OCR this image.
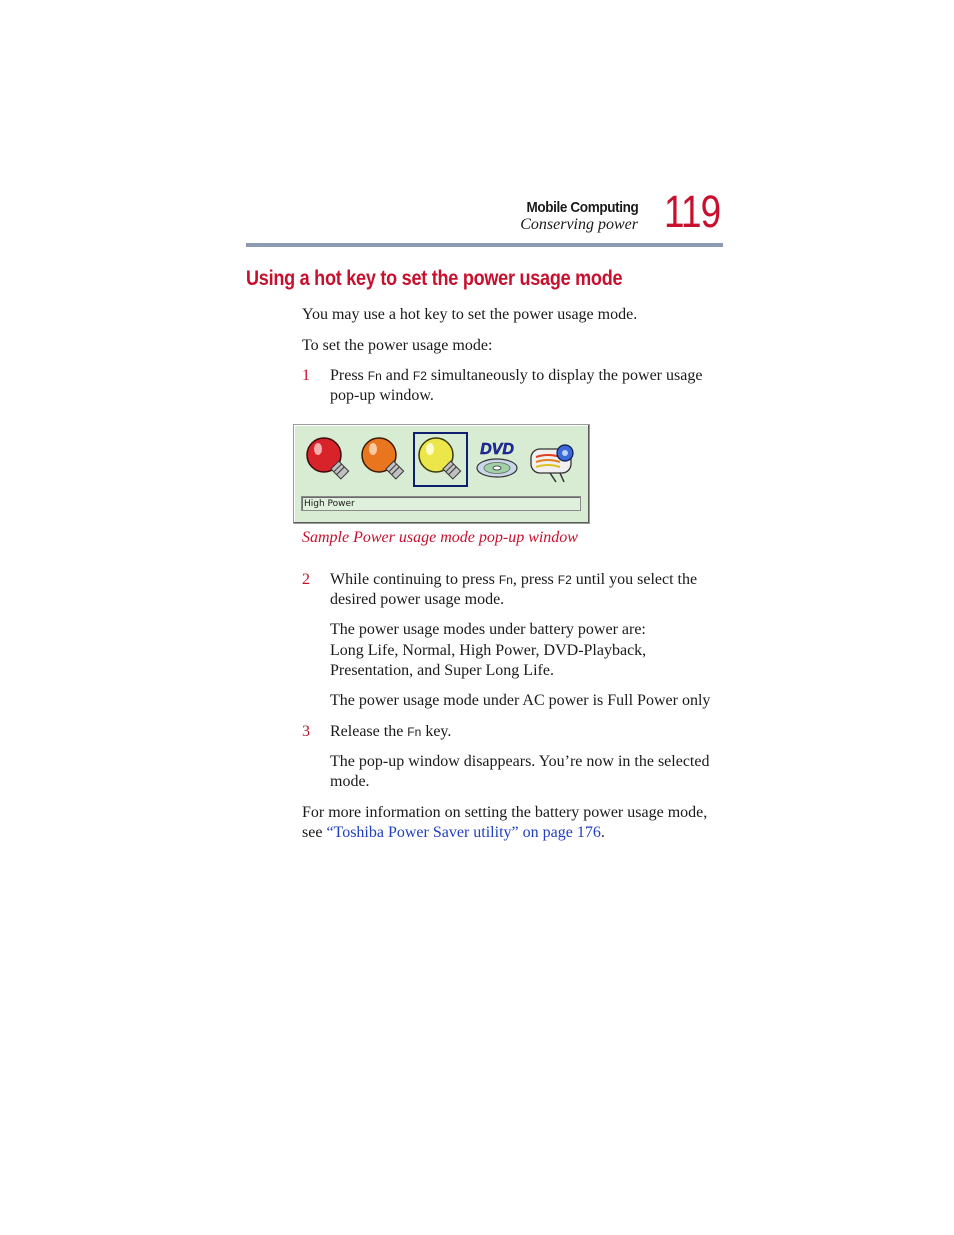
Mobile Computing
Conserving power 119
Using a hot key to set the power usage mode
You may use a hot key to set the power usage mode.
To set the power usage mode:
1 Press Fn and F2 simultaneously to display the power usage
pop-up window.
DVD
High Power
Sample Power usage mode pop-up window
2 While continuing to press Fn, press F2 until you select the
desired power usage mode.
The power usage modes under battery power are:
Long Life, Normal, High Power, DVD-Playback,
Presentation, and Super Long Life.
The power usage mode under AC power is Full Power only
3 Release the Fn key.
The pop-up window disappears. You’re now in the selected
mode.
For more information on setting the battery power usage mode,
see “Toshiba Power Saver utility” on page 176.
